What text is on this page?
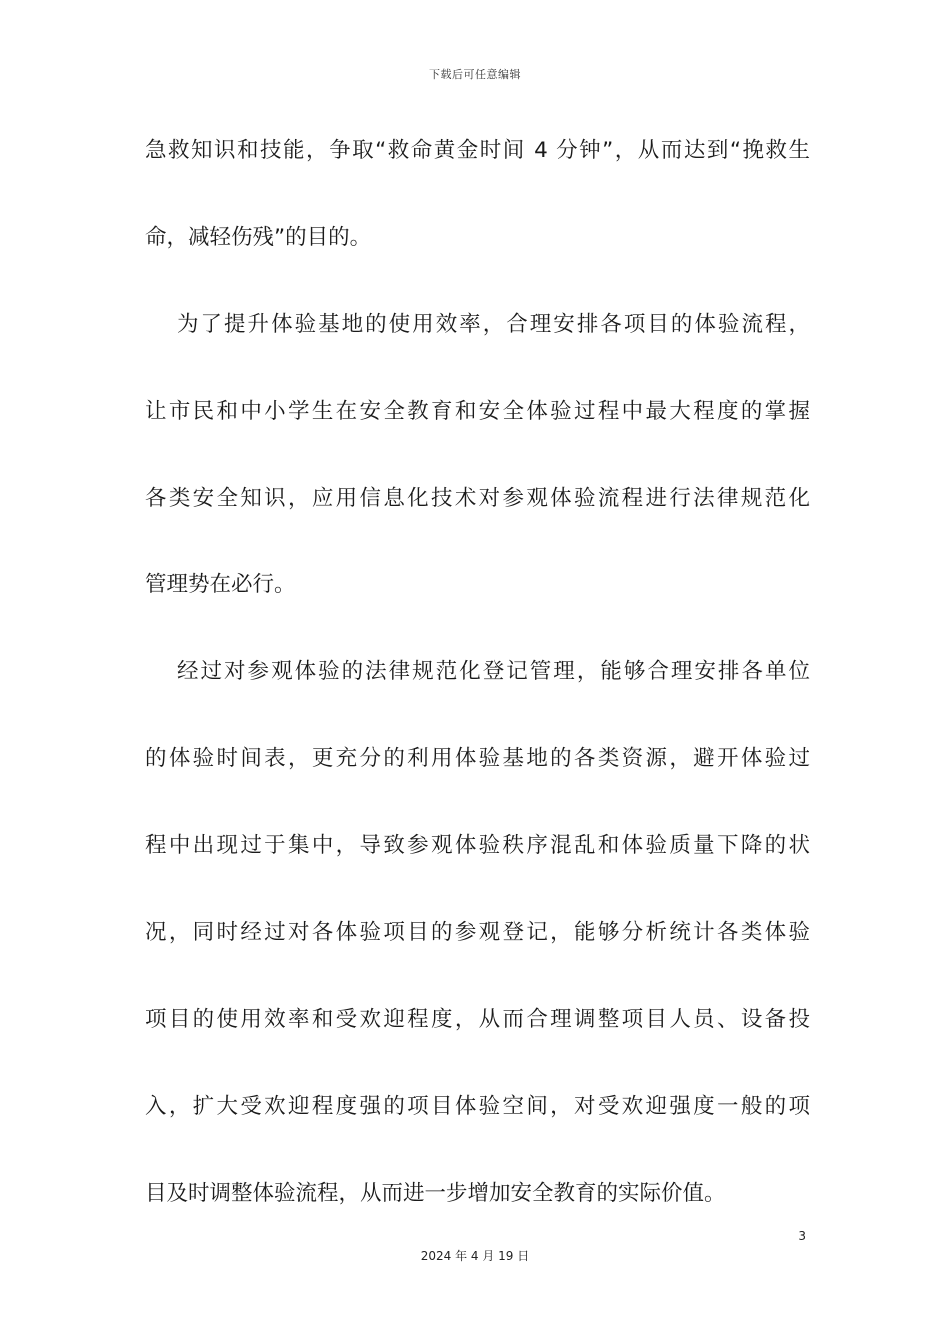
下载后可任意编辑
急救知识和技能，争取“救命黄金时间 4 分钟”，从而达到“挽救生
命，减轻伤残”的目的。
为了提升体验基地的使用效率，合理安排各项目的体验流程，
让市民和中小学生在安全教育和安全体验过程中最大程度的掌握
各类安全知识，应用信息化技术对参观体验流程进行法律规范化
管理势在必行。
经过对参观体验的法律规范化登记管理，能够合理安排各单位
的体验时间表，更充分的利用体验基地的各类资源，避开体验过
程中出现过于集中，导致参观体验秩序混乱和体验质量下降的状
况，同时经过对各体验项目的参观登记，能够分析统计各类体验
项目的使用效率和受欢迎程度，从而合理调整项目人员、设备投
入，扩大受欢迎程度强的项目体验空间，对受欢迎强度一般的项
目及时调整体验流程，从而进一步增加安全教育的实际价值。
3
2024 年 4 月 19 日
